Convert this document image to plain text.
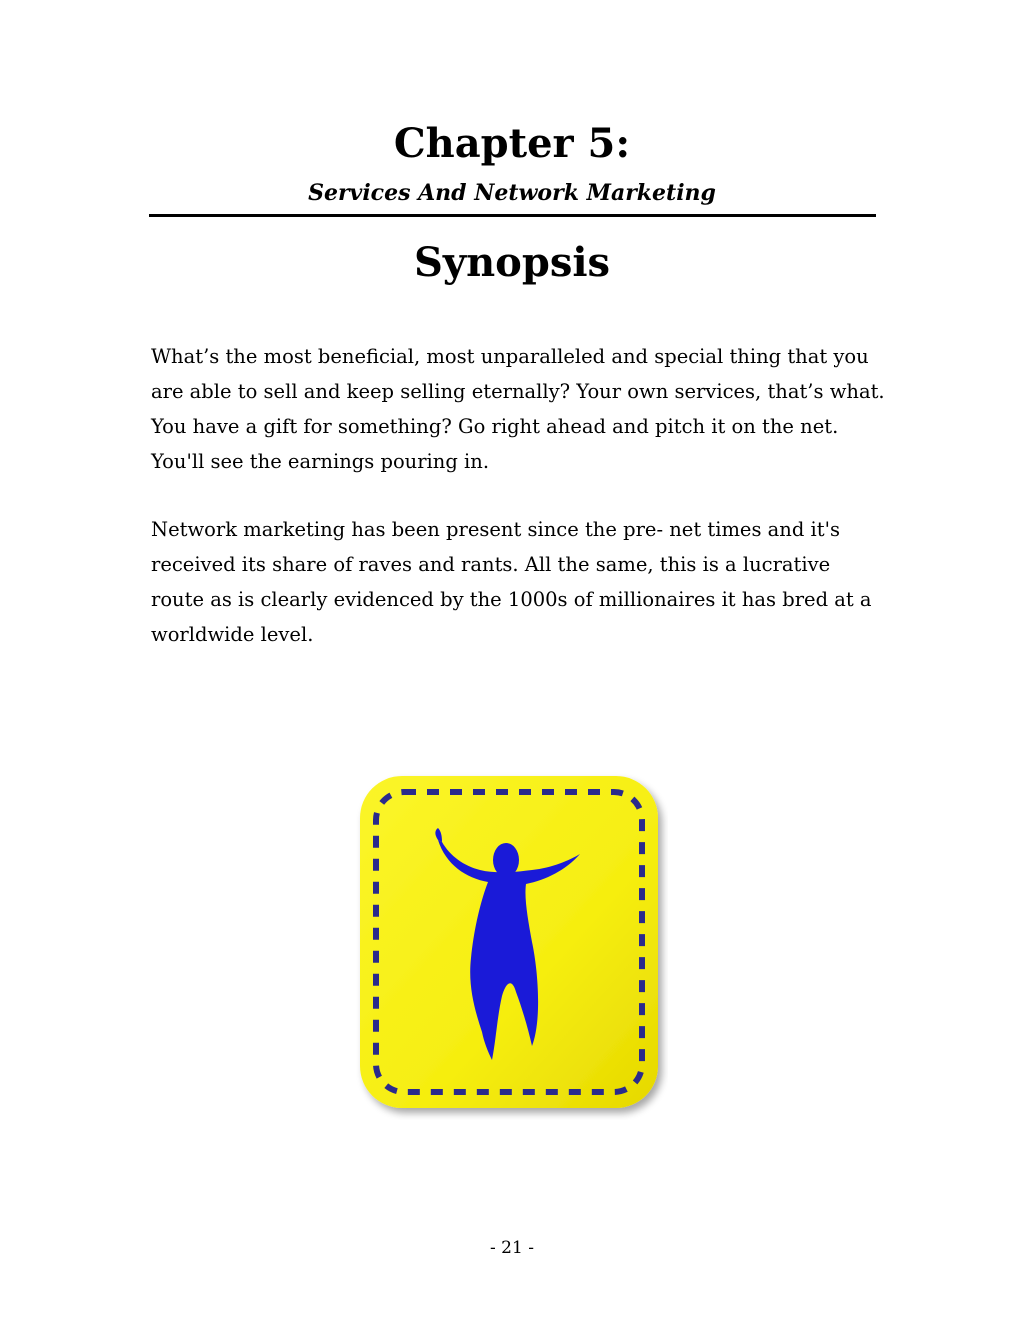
Chapter 5:
Services And Network Marketing
Synopsis

What’s the most beneficial, most unparalleled and special thing that you are able to sell and keep selling eternally? Your own services, that’s what. You have a gift for something? Go right ahead and pitch it on the net. You'll see the earnings pouring in.

Network marketing has been present since the pre- net times and it's received its share of raves and rants. All the same, this is a lucrative route as is clearly evidenced by the 1000s of millionaires it has bred at a worldwide level.

- 21 -
